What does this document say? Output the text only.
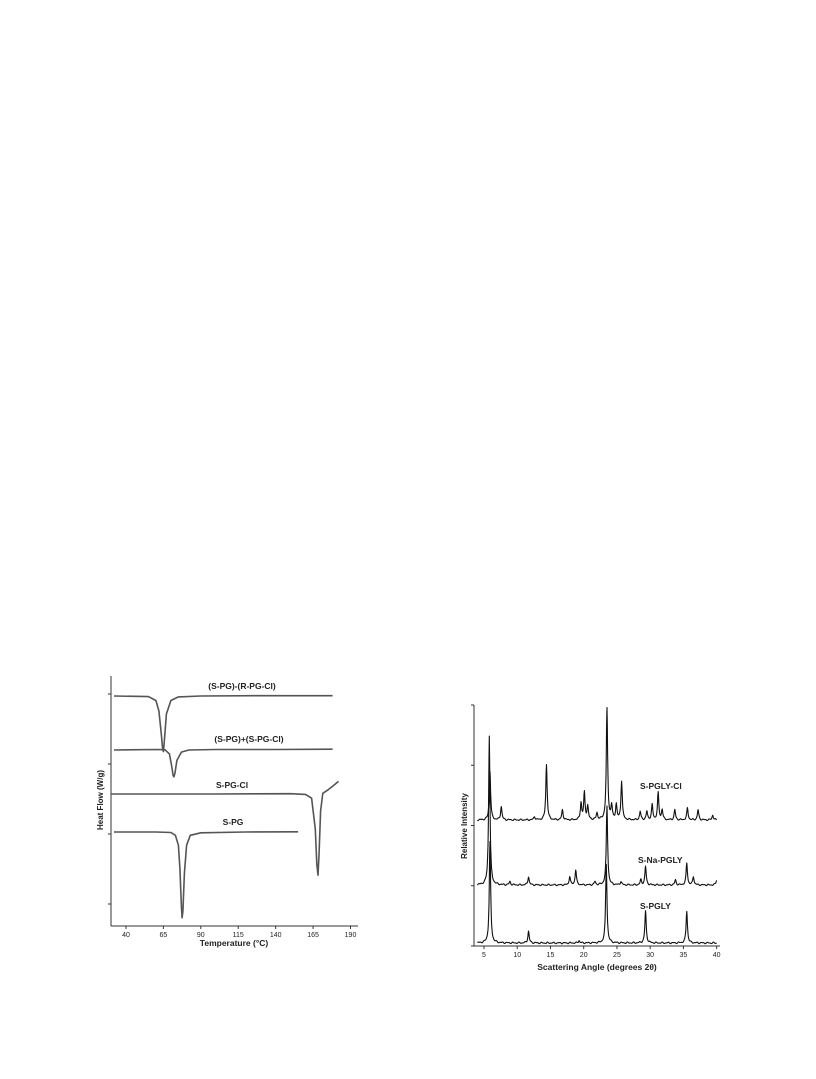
40	65	90	115	140	165	190
(S-PG)-(R-PG-Cl)
(S-PG)+(S-PG-Cl)
S-PG-Cl
S-PG
Temperature (°C)
Heat Flow (W/g)
5	10	15	20	25	30	35	40
S-PGLY-Cl
S-Na-PGLY
S-PGLY
Scattering Angle (degrees 2θ)
Relative Intensity
